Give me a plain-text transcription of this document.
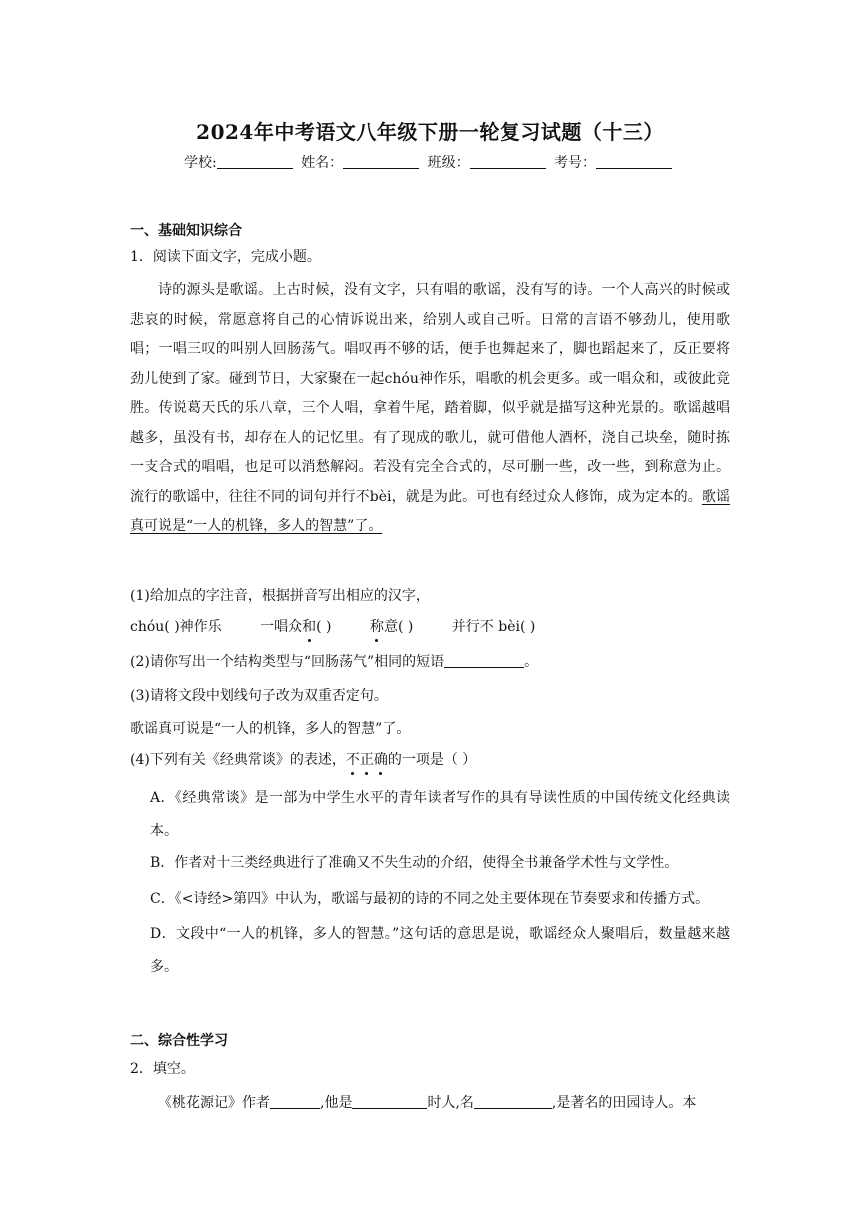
2024年中考语文八年级下册一轮复习试题（十三）
学校:	姓名：	班级：	考号：
一、基础知识综合
1．阅读下面文字，完成小题。

诗的源头是歌谣。上古时候，没有文字，只有唱的歌谣，没有写的诗。一个人高兴的时候或悲哀的时候，常愿意将自己的心情诉说出来，给别人或自己听。日常的言语不够劲儿，使用歌唱；一唱三叹的叫别人回肠荡气。唱叹再不够的话，便手也舞起来了，脚也蹈起来了，反正要将劲儿使到了家。碰到节日，大家聚在一起chóu神作乐，唱歌的机会更多。或一唱众和，或彼此竞胜。传说葛天氏的乐八章，三个人唱，拿着牛尾，踏着脚，似乎就是描写这种光景的。歌谣越唱越多，虽没有书，却存在人的记忆里。有了现成的歌儿，就可借他人酒杯，浇自己块垒，随时拣一支合式的唱唱，也足可以消愁解闷。若没有完全合式的，尽可删一些，改一些，到称意为止。流行的歌谣中，往往不同的词句并行不bèi，就是为此。可也有经过众人修饰，成为定本的。歌谣真可说是“一人的机锋，多人的智慧”了。

(1)给加点的字注音，根据拼音写出相应的汉字，
chóu( )神作乐	一唱众和( )	称意( )	并行不 bèi( )
(2)请你写出一个结构类型与“回肠荡气”相同的短语	。
(3)请将文段中划线句子改为双重否定句。
歌谣真可说是“一人的机锋，多人的智慧”了。
(4)下列有关《经典常谈》的表述，不正确的一项是（ ）
A．《经典常谈》是一部为中学生水平的青年读者写作的具有导读性质的中国传统文化经典读本。
B．作者对十三类经典进行了准确又不失生动的介绍，使得全书兼备学术性与文学性。
C．《<诗经>第四》中认为，歌谣与最初的诗的不同之处主要体现在节奏要求和传播方式。
D．文段中“一人的机锋，多人的智慧。”这句话的意思是说，歌谣经众人聚唱后，数量越来越多。
二、综合性学习
2．填空。
《桃花源记》作者	,他是	时人,名	,是著名的田园诗人。本
